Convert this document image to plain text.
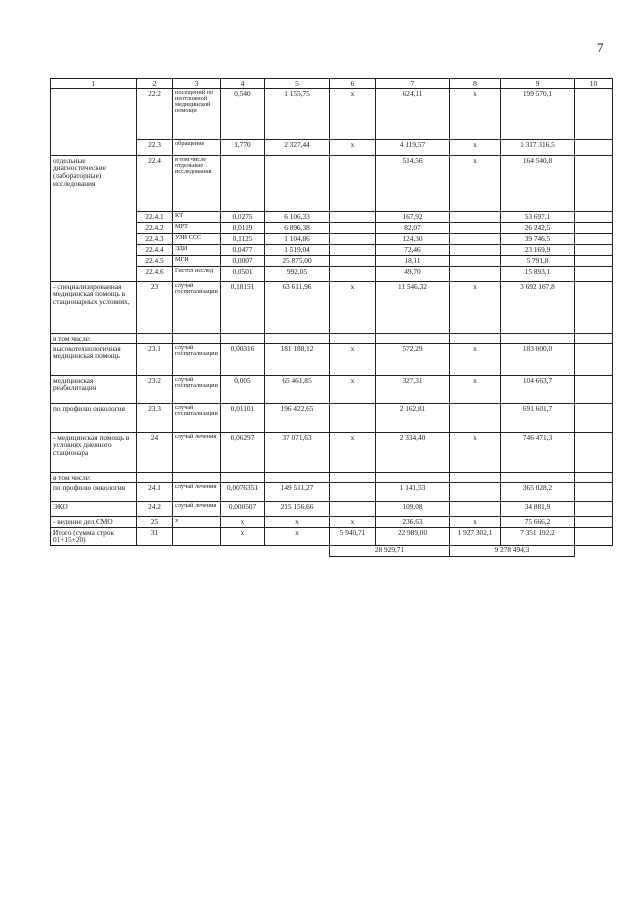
7
1	2	3	4	5	6	7	8	9	10
	22.2	посещений по неотложной медицинской помощи	0,540	1 155,75	х	624,11	х	199 570,1	
	22.3	обращение	1,770	2 327,44	х	4 119,57	х	1 317 316,5	
отдельные диагностические (лабораторные) исследования	22.4	в том числе отдельные исследования				514,56	х	164 540,8	
	22.4.1	КТ	0,0275	6 106,33		167,92		53 697,1	
	22.4.2	МРТ	0,0119	6 896,38		82,07		26 242,5	
	22.4.3	УЗИ ССС	0,1125	1 104,86		124,30		39 746,5	
	22.4.4	ЭДИ	0,0477	1 519,04		72,46		23 169,9	
	22.4.5	МГИ	0,0007	25 875,00		18,11		5 791,8	
	22.4.6	Гистол исслед	0,0501	992,05		49,70		15 893,1	
- специализированная медицинская помощь в стационарных условиях,	23	случай госпитализации	0,18151	63 611,96	х	11 546,32	х	3 692 167,8	
в том числе:									
высокотехнологичная медицинская помощь	23.1	случай госпитализации	0,00316	181 188,12	х	572,29	х	183 000,0	
медицинская реабилитация	23.2	случай госпитализации	0,005	65 461,85	х	327,31	х	104 663,7	
по профилю онкология	23.3	случай госпитализации	0,01101	196 422,65		2 162,81		691 601,7	
- медицинская помощь в условиях дневного стационара	24	случай лечения	0,06297	37 071,63	х	2 334,40	х	746 471,3	
в том числе:									
по профилю онкология	24.1	случай лечения	0,0076351	149 511,27		1 141,53		365 028,2	
ЭКО	24.2	случай лечения	0,000507	215 156,66		109,08		34 881,9	
- ведение дел СМО	25	х	х	х	х	236,63	х	75 666,2	
Итого (сумма строк 01+15+20)	31		х	х	5 940,71	22 989,00	1 927 302,1	7 351 192,2	
					28 929,71		9 278 494,3		
